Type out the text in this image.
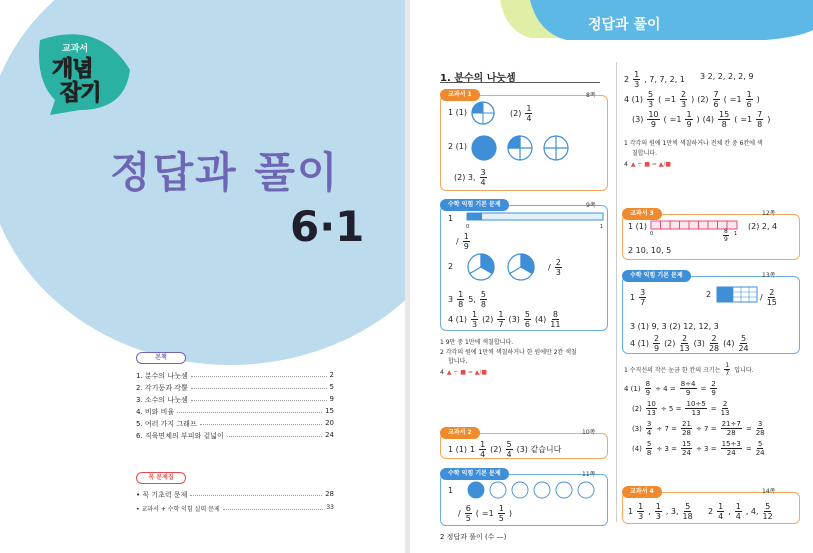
교과서
개념
잡기
정답과 풀이
6·1
본책
1. 분수의 나눗셈	2
2. 각기둥과 각뿔	5
3. 소수의 나눗셈	9
4. 비와 비율	15
5. 여러 가지 그래프	20
6. 직육면체의 부피와 겉넓이	24
꼭 문제집
• 꼭 기초력 문제	28
• 교과서 + 수학 익힘 실력 문제	33
정답과 풀이
1. 분수의 나눗셈
교과서 1	8쪽
1 (1)	$(2) \frac{1}{4}$
2 (1)
(2) 3, $\frac{3}{4}$
수학 익힘 기본 문제	9쪽
1
0	1
/ $\frac{1}{9}$
2	/ $\frac{2}{3}$
$3 \frac{1}{8} 5$, $\frac{5}{8}$
4 $(1) \frac{1}{3} (2) \frac{1}{7} (3) \frac{5}{6} (4) \frac{8}{11}$
1 9만 중 1만에 색칠합니다.
2 각각의 원에 1만씩 색칠하거나 한 원에만 2칸 색칠
합니다.
4 ▲ ÷ ■ = ▲/■
교과서 2	10쪽
1 (1) $1 \frac{1}{4} (2) \frac{5}{4} (3)$ 같습니다
수학 익힘 기본 문제	11쪽
1
/ $\frac{6}{5}$ ( $=1 \frac{1}{5}$ )
$2 \frac{1}{3}$ , 7, 7, 2, 1 3 2, 2, 2, 2, 9
4 $(1) \frac{5}{3}$ ( $=1 \frac{2}{3}$ ) $(2) \frac{7}{6}$ ( $=1 \frac{1}{6}$ )
$(3) \frac{10}{9}$ ( $=1 \frac{1}{9}$ ) $(4) \frac{15}{8}$ ( $=1 \frac{7}{8}$ )
1 각각의 원에 1만씩 색칠하거나 전체 칸 중 6칸에 색
칠합니다.
4 ▲ ÷ ■ = ▲/■
교과서 3	12쪽
1 (1)
0	1
$\frac{8}{9}$
(2) 2, 4
2 10, 10, 5
수학 익힘 기본 문제	13쪽
$1 \frac{3}{7}$	2	/ $\frac{2}{15}$
3 (1) 9, 3 (2) 12, 12, 3
4 $(1) \frac{2}{9} (2) \frac{2}{13} (3) \frac{2}{28} (4) \frac{5}{24}$
1 수직선의 작은 눈금 한 칸의 크기는 $\frac{1}{7}$ 입니다.
4 $(1) \frac{8}{9} \div 4 = \frac{8\div 4}{9} = \frac{2}{9}$
$(2) \frac{10}{13} \div 5 = \frac{10\div 5}{13} = \frac{2}{13}$
$(3) \frac{3}{4} \div 7 = \frac{21}{28} \div 7 = \frac{21\div 7}{28} = \frac{3}{28}$
$(4) \frac{5}{8} \div 3 = \frac{15}{24} \div 3 = \frac{15\div 3}{24} = \frac{5}{24}$
교과서 4	14쪽
$1 \frac{1}{3}$ , $\frac{1}{3}$ , 3, $\frac{5}{18} 2 \frac{1}{4}$ , $\frac{1}{4}$ , 4, $\frac{5}{12}$
2 정답과 풀이 (수 —)
